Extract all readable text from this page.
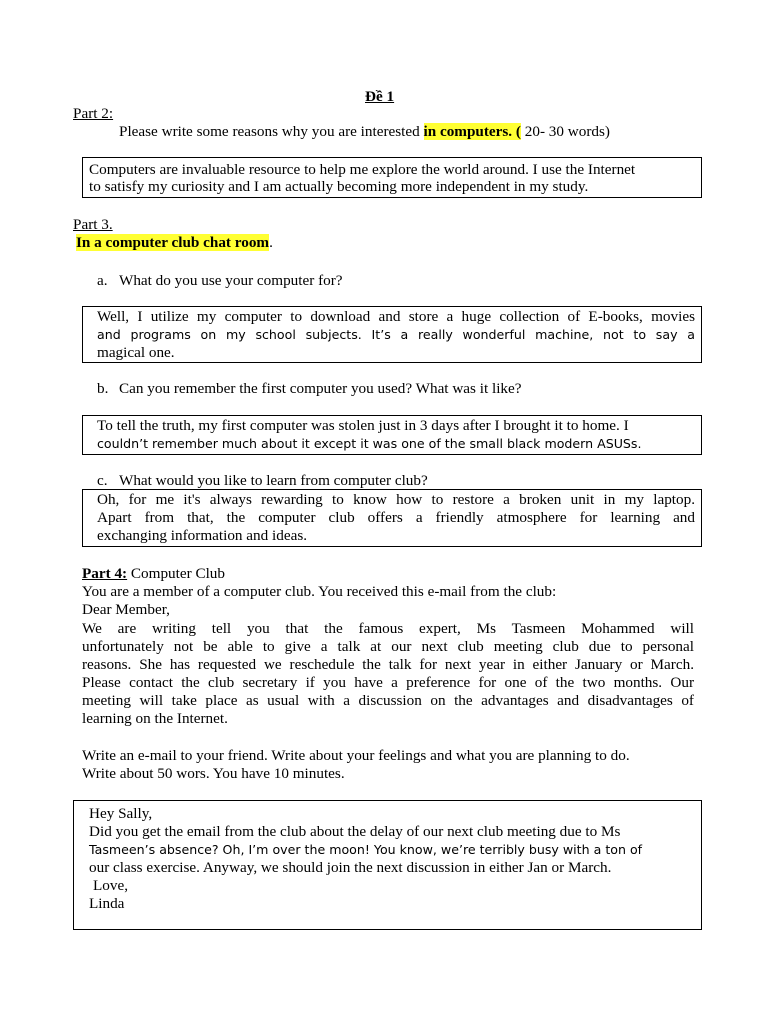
Đề 1
Part 2:
Please write some reasons why you are interested in computers. ( 20- 30 words)
Computers are invaluable resource to help me explore the world around. I use the Internet
to satisfy my curiosity and I am actually becoming more independent in my study.
Part 3.
In a computer club chat room.
a. What do you use your computer for?
Well, I utilize my computer to download and store a huge collection of E-books, movies
and programs on my school subjects. It’s a really wonderful machine, not to say a
magical one.
b. Can you remember the first computer you used? What was it like?
To tell the truth, my first computer was stolen just in 3 days after I brought it to home. I
couldn’t remember much about it except it was one of the small black modern ASUSs.
c. What would you like to learn from computer club?
Oh, for me it's always rewarding to know how to restore a broken unit in my laptop.
Apart from that, the computer club offers a friendly atmosphere for learning and
exchanging information and ideas.
Part 4: Computer Club
You are a member of a computer club. You received this e-mail from the club:
Dear Member,
We are writing tell you that the famous expert, Ms Tasmeen Mohammed will
unfortunately not be able to give a talk at our next club meeting club due to personal
reasons. She has requested we reschedule the talk for next year in either January or March.
Please contact the club secretary if you have a preference for one of the two months. Our
meeting will take place as usual with a discussion on the advantages and disadvantages of
learning on the Internet.
Write an e-mail to your friend. Write about your feelings and what you are planning to do.
Write about 50 wors. You have 10 minutes.
Hey Sally,
Did you get the email from the club about the delay of our next club meeting due to Ms
Tasmeen’s absence? Oh, I’m over the moon! You know, we’re terribly busy with a ton of
our class exercise. Anyway, we should join the next discussion in either Jan or March.
Love,
Linda
